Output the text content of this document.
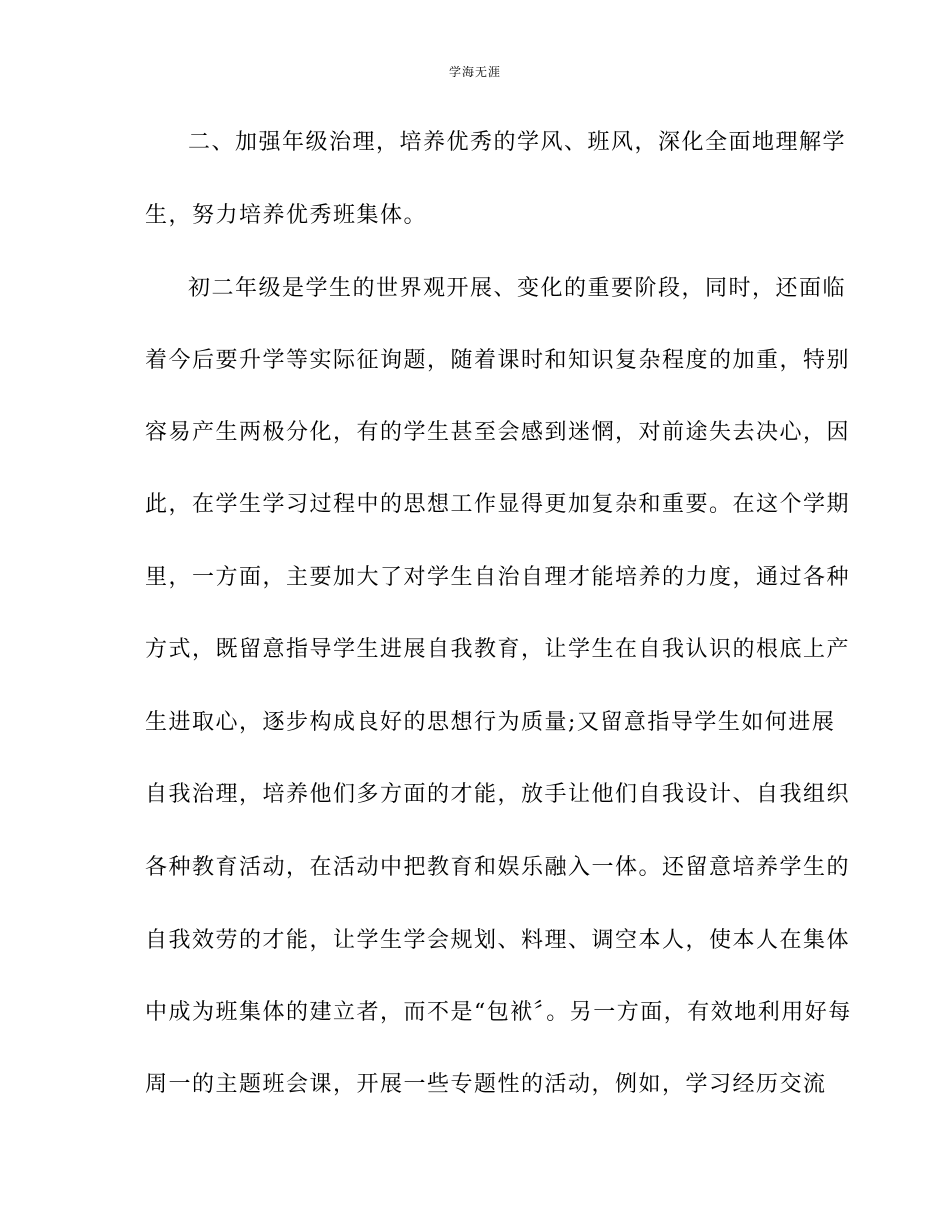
学海无涯
二、加强年级治理，培养优秀的学风、班风，深化全面地理解学
生，努力培养优秀班集体。
初二年级是学生的世界观开展、变化的重要阶段，同时，还面临
着今后要升学等实际征询题，随着课时和知识复杂程度的加重，特别
容易产生两极分化，有的学生甚至会感到迷惘，对前途失去决心，因
此，在学生学习过程中的思想工作显得更加复杂和重要。在这个学期
里，一方面，主要加大了对学生自治自理才能培养的力度，通过各种
方式，既留意指导学生进展自我教育，让学生在自我认识的根底上产
生进取心，逐步构成良好的思想行为质量;又留意指导学生如何进展
自我治理，培养他们多方面的才能，放手让他们自我设计、自我组织
各种教育活动，在活动中把教育和娱乐融入一体。还留意培养学生的
自我效劳的才能，让学生学会规划、料理、调空本人，使本人在集体
中成为班集体的建立者，而不是“包袱〞。另一方面，有效地利用好每
周一的主题班会课，开展一些专题性的活动，例如，学习经历交流
